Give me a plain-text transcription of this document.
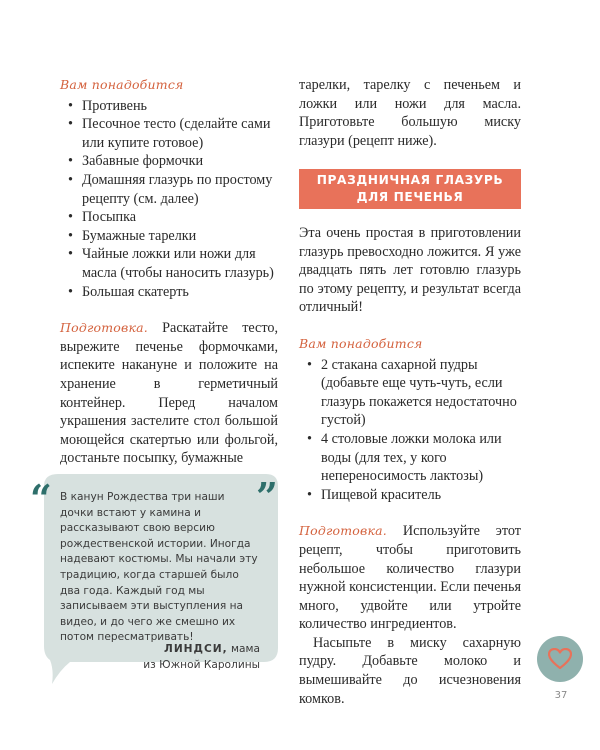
Вам понадобится
• Противень
• Песочное тесто (сделайте сами или купите готовое)
• Забавные формочки
• Домашняя глазурь по простому рецепту (см. далее)
• Посыпка
• Бумажные тарелки
• Чайные ложки или ножи для масла (чтобы наносить глазурь)
• Большая скатерть

Подготовка. Раскатайте тесто, вырежите печенье формочками, испеките накануне и положите на хранение в герметичный контейнер. Перед началом украшения застелите стол большой моющейся скатертью или фольгой, достаньте посыпку, бумажные

“	”
В канун Рождества три наши дочки встают у камина и рассказывают свою версию рождественской истории. Иногда надевают костюмы. Мы начали эту традицию, когда старшей было два года. Каждый год мы записываем эти выступления на видео, и до чего же смешно их потом пересматривать!
ЛИНДСИ, мама
из Южной Каролины

тарелки, тарелку с печеньем и ложки или ножи для масла. Приготовьте большую миску глазури (рецепт ниже).

ПРАЗДНИЧНАЯ ГЛАЗУРЬ
ДЛЯ ПЕЧЕНЬЯ

Эта очень простая в приготовлении глазурь превосходно ложится. Я уже двадцать пять лет готовлю глазурь по этому рецепту, и результат всегда отличный!

Вам понадобится
• 2 стакана сахарной пудры (добавьте еще чуть-чуть, если глазурь покажется недостаточно густой)
• 4 столовые ложки молока или воды (для тех, у кого непереносимость лактозы)
• Пищевой краситель

Подготовка. Используйте этот рецепт, чтобы приготовить небольшое количество глазури нужной консистенции. Если печенья много, удвойте или утройте количество ингредиентов.

Насыпьте в миску сахарную пудру. Добавьте молоко и вымешивайте до исчезновения комков.	37
